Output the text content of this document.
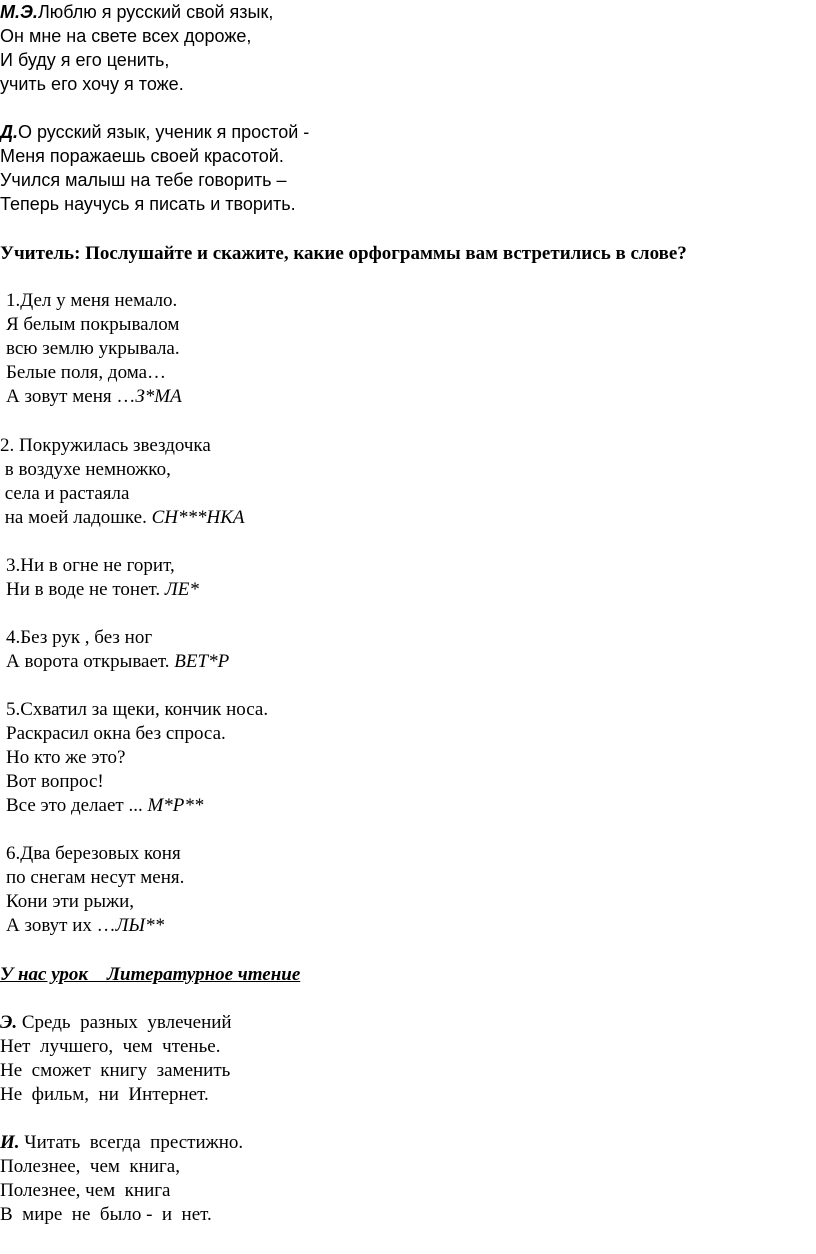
М.Э.Люблю я русский свой язык,
Он мне на свете всех дороже,
И буду я его ценить,
учить его хочу я тоже.
Д.О русский язык, ученик я простой -
Меня поражаешь своей красотой.
Учился малыш на тебе говорить –
Теперь научусь я писать и творить.
Учитель: Послушайте и скажите, какие орфограммы вам встретились в слове?
1.Дел у меня немало.
Я белым покрывалом
всю землю укрывала.
Белые поля, дома…
А зовут меня …З*МА
2. Покружилась звездочка
в воздухе немножко,
села и растаяла
на моей ладошке. СН***НКА
3.Ни в огне не горит,
Ни в воде не тонет. ЛЕ*
4.Без рук , без ног
А ворота открывает. ВЕТ*Р
5.Схватил за щеки, кончик носа.
Раскрасил окна без спроса.
Но кто же это?
Вот вопрос!
Все это делает ... М*Р**
6.Два березовых коня
по снегам несут меня.
Кони эти рыжи,
А зовут их …ЛЫ**
У нас урок    Литературное чтение
Э. Средь  разных  увлечений
Нет  лучшего,  чем  чтенье.
Не  сможет  книгу  заменить
Не  фильм,  ни  Интернет.
И. Читать  всегда  престижно.
Полезнее,  чем  книга,
Полезнее, чем  книга
В  мире  не  было -  и  нет.
